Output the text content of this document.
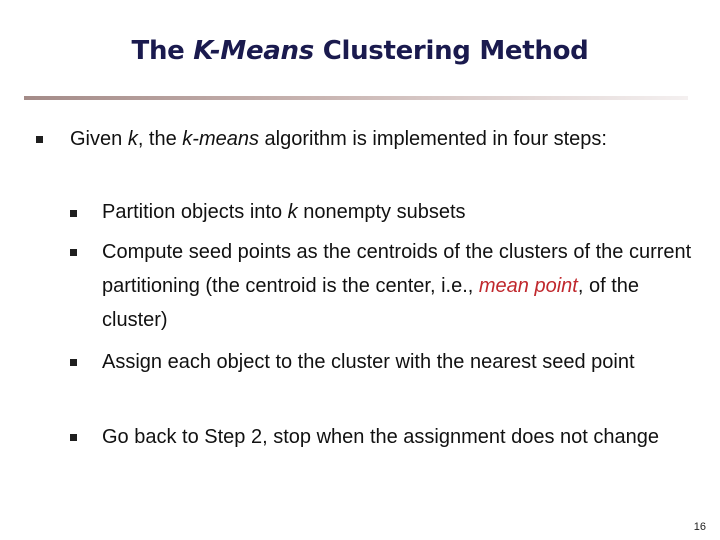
The K-Means Clustering Method
Given k, the k-means algorithm is implemented in four steps:
Partition objects into k nonempty subsets
Compute seed points as the centroids of the clusters of the current partitioning (the centroid is the center, i.e., mean point, of the cluster)
Assign each object to the cluster with the nearest seed point
Go back to Step 2, stop when the assignment does not change
16
